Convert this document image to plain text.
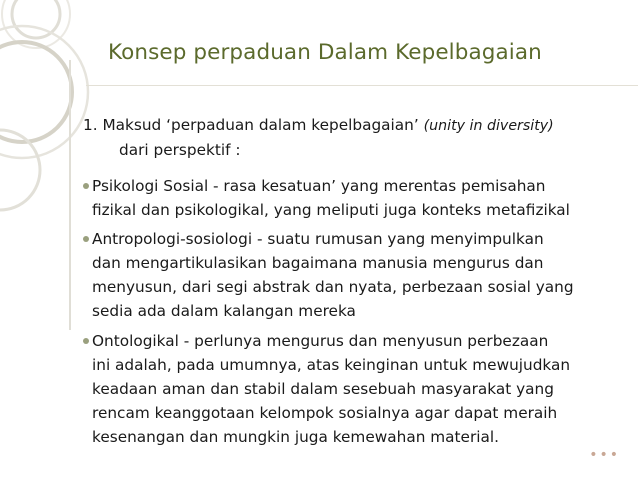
Konsep perpaduan Dalam Kepelbagaian
1. Maksud ‘perpaduan dalam kepelbagaian’ (unity in diversity)
dari perspektif :
Psikologi Sosial - rasa kesatuan’ yang merentas pemisahan
fizikal dan psikologikal, yang meliputi juga konteks metafizikal
Antropologi-sosiologi - suatu rumusan yang menyimpulkan
dan mengartikulasikan bagaimana manusia mengurus dan
menyusun, dari segi abstrak dan nyata, perbezaan sosial yang
sedia ada dalam kalangan mereka
Ontologikal - perlunya mengurus dan menyusun perbezaan
ini adalah, pada umumnya, atas keinginan untuk mewujudkan
keadaan aman dan stabil dalam sesebuah masyarakat yang
rencam keanggotaan kelompok sosialnya agar dapat meraih
kesenangan dan mungkin juga kemewahan material.
•••
